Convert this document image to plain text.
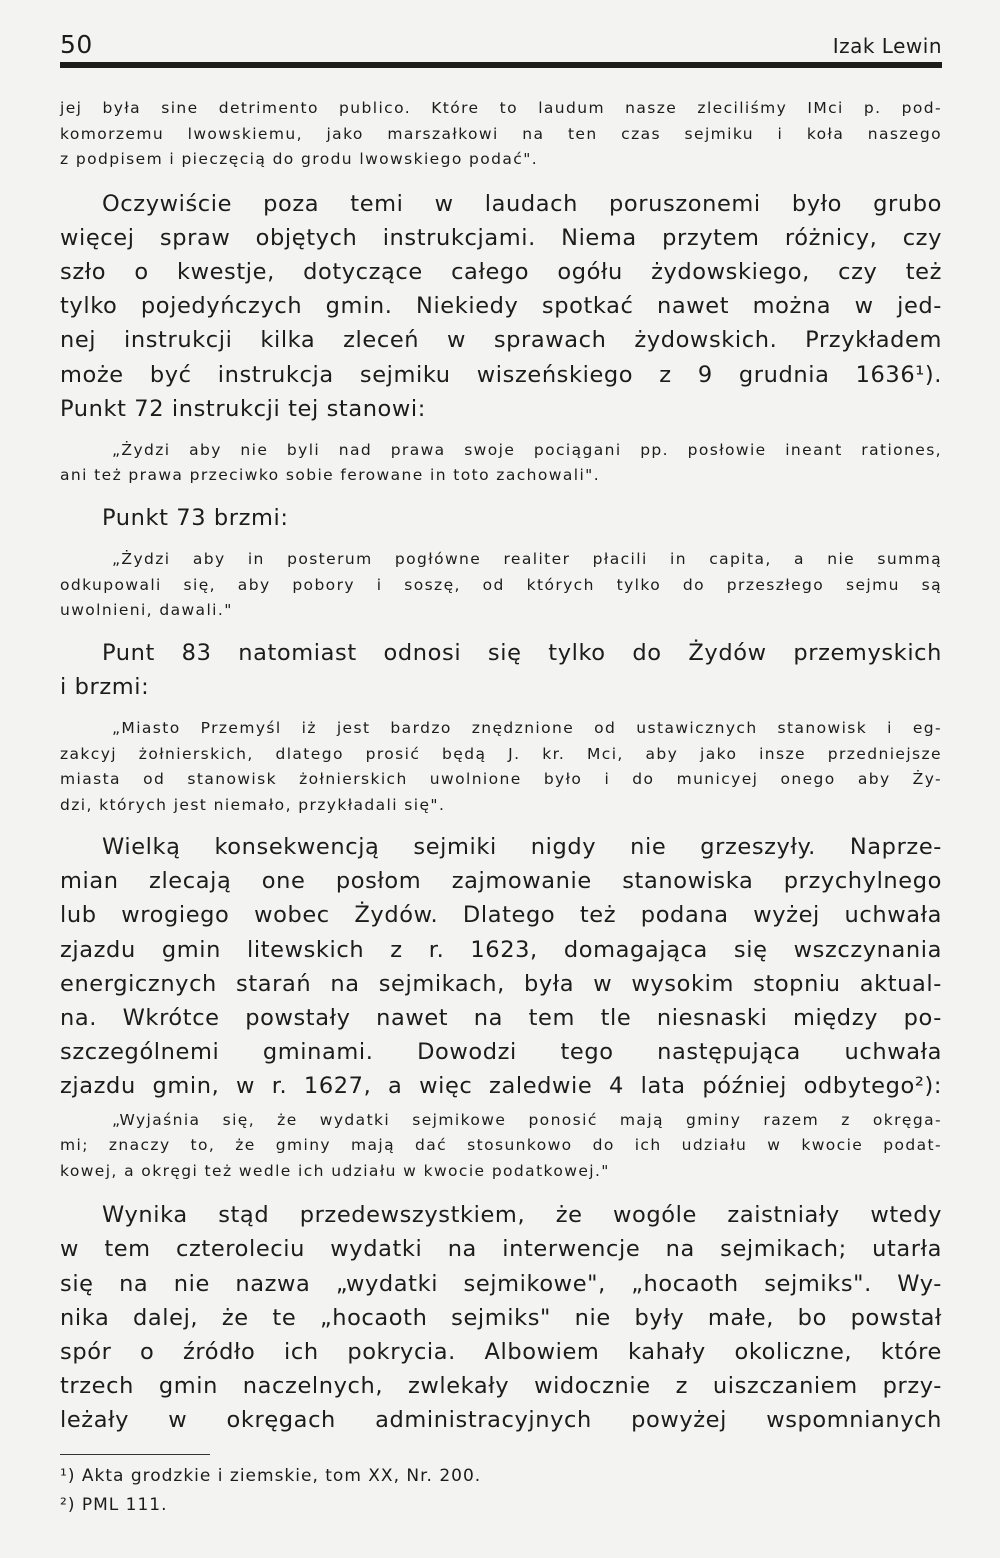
50	Izak Lewin
jej była sine detrimento publico. Które to laudum nasze zleciliśmy IMci p. pod-
komorzemu lwowskiemu, jako marszałkowi na ten czas sejmiku i koła naszego
z podpisem i pieczęcią do grodu lwowskiego podać".
Oczywiście poza temi w laudach poruszonemi było grubo
więcej spraw objętych instrukcjami. Niema przytem różnicy, czy
szło o kwestje, dotyczące całego ogółu żydowskiego, czy też
tylko pojedyńczych gmin. Niekiedy spotkać nawet można w jed-
nej instrukcji kilka zleceń w sprawach żydowskich. Przykładem
może być instrukcja sejmiku wiszeńskiego z 9 grudnia 1636¹).
Punkt 72 instrukcji tej stanowi:
„Żydzi aby nie byli nad prawa swoje pociągani pp. posłowie ineant rationes,
ani też prawa przeciwko sobie ferowane in toto zachowali".
Punkt 73 brzmi:
„Żydzi aby in posterum pogłówne realiter płacili in capita, a nie summą
odkupowali się, aby pobory i soszę, od których tylko do przeszłego sejmu są
uwolnieni, dawali."
Punt 83 natomiast odnosi się tylko do Żydów przemyskich
i brzmi:
„Miasto Przemyśl iż jest bardzo znędznione od ustawicznych stanowisk i eg-
zakcyj żołnierskich, dlatego prosić będą J. kr. Mci, aby jako insze przedniejsze
miasta od stanowisk żołnierskich uwolnione było i do municyej onego aby Ży-
dzi, których jest niemało, przykładali się".
Wielką konsekwencją sejmiki nigdy nie grzeszyły. Naprze-
mian zlecają one posłom zajmowanie stanowiska przychylnego
lub wrogiego wobec Żydów. Dlatego też podana wyżej uchwała
zjazdu gmin litewskich z r. 1623, domagająca się wszczynania
energicznych starań na sejmikach, była w wysokim stopniu aktual-
na. Wkrótce powstały nawet na tem tle niesnaski między po-
szczególnemi gminami. Dowodzi tego następująca uchwała
zjazdu gmin, w r. 1627, a więc zaledwie 4 lata później odbytego²):
„Wyjaśnia się, że wydatki sejmikowe ponosić mają gminy razem z okręga-
mi; znaczy to, że gminy mają dać stosunkowo do ich udziału w kwocie podat-
kowej, a okręgi też wedle ich udziału w kwocie podatkowej."
Wynika stąd przedewszystkiem, że wogóle zaistniały wtedy
w tem czteroleciu wydatki na interwencje na sejmikach; utarła
się na nie nazwa „wydatki sejmikowe", „hocaoth sejmiks". Wy-
nika dalej, że te „hocaoth sejmiks" nie były małe, bo powstał
spór o źródło ich pokrycia. Albowiem kahały okoliczne, które
trzech gmin naczelnych, zwlekały widocznie z uiszczaniem przy-
leżały w okręgach administracyjnych powyżej wspomnianych
¹) Akta grodzkie i ziemskie, tom XX, Nr. 200.
²) PML 111.
